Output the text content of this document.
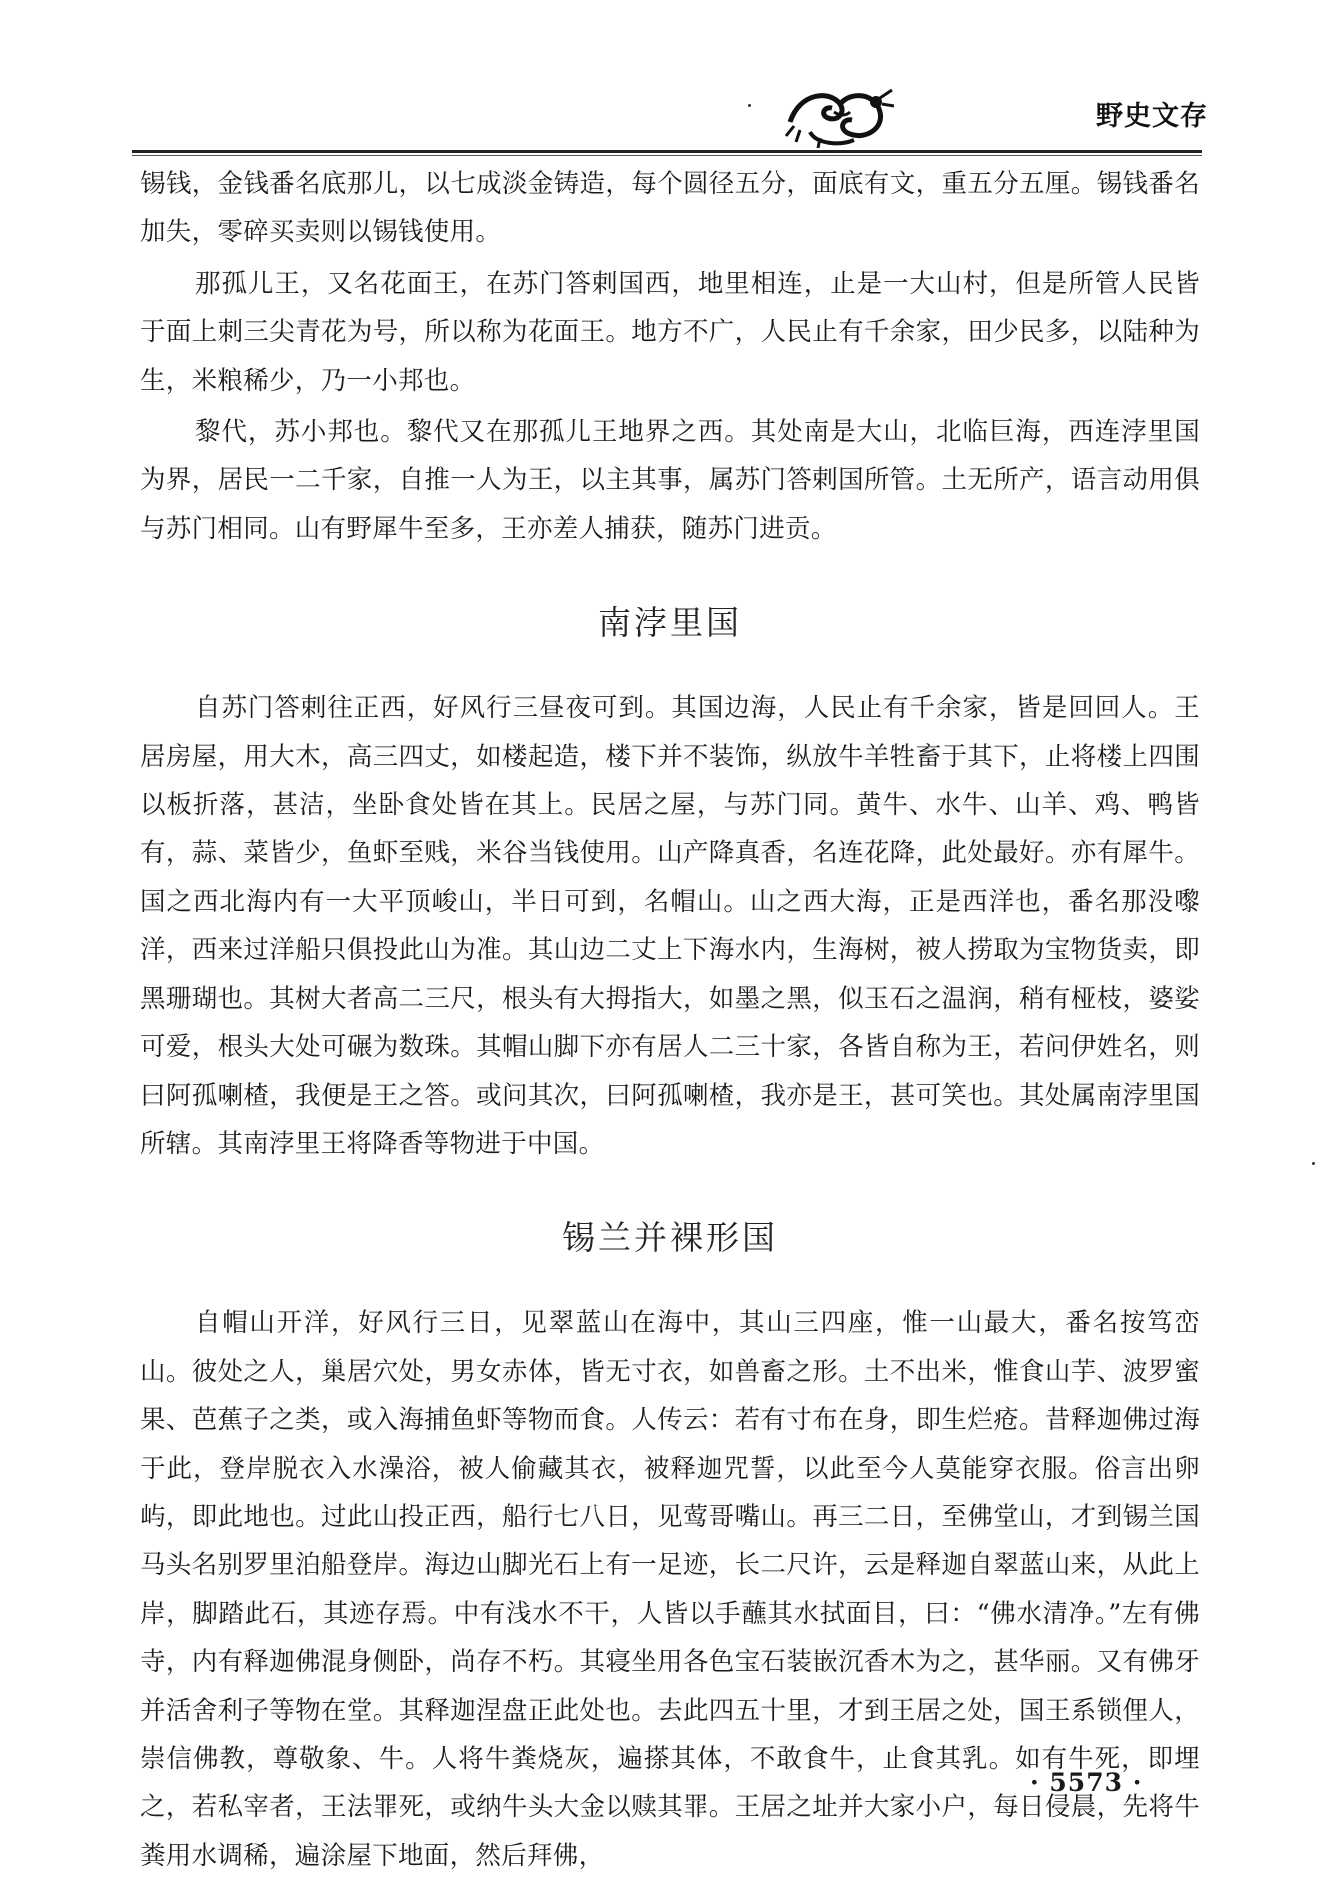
野史文存

锡钱，金钱番名底那儿，以七成淡金铸造，每个圆径五分，面底有文，重五分五厘。锡钱番名加失，零碎买卖则以锡钱使用。

那孤儿王，又名花面王，在苏门答剌国西，地里相连，止是一大山村，但是所管人民皆于面上刺三尖青花为号，所以称为花面王。地方不广，人民止有千余家，田少民多，以陆种为生，米粮稀少，乃一小邦也。

黎代，苏小邦也。黎代又在那孤儿王地界之西。其处南是大山，北临巨海，西连浡里国为界，居民一二千家，自推一人为王，以主其事，属苏门答剌国所管。土无所产，语言动用俱与苏门相同。山有野犀牛至多，王亦差人捕获，随苏门进贡。

南浡里国

自苏门答剌往正西，好风行三昼夜可到。其国边海，人民止有千余家，皆是回回人。王居房屋，用大木，高三四丈，如楼起造，楼下并不装饰，纵放牛羊牲畜于其下，止将楼上四围以板折落，甚洁，坐卧食处皆在其上。民居之屋，与苏门同。黄牛、水牛、山羊、鸡、鸭皆有，蒜、菜皆少，鱼虾至贱，米谷当钱使用。山产降真香，名连花降，此处最好。亦有犀牛。国之西北海内有一大平顶峻山，半日可到，名帽山。山之西大海，正是西洋也，番名那没嚟洋，西来过洋船只俱投此山为准。其山边二丈上下海水内，生海树，被人捞取为宝物货卖，即黑珊瑚也。其树大者高二三尺，根头有大拇指大，如墨之黑，似玉石之温润，稍有桠枝，婆娑可爱，根头大处可碾为数珠。其帽山脚下亦有居人二三十家，各皆自称为王，若问伊姓名，则曰阿孤喇楂，我便是王之答。或问其次，曰阿孤喇楂，我亦是王，甚可笑也。其处属南浡里国所辖。其南浡里王将降香等物进于中国。

锡兰并裸形国

自帽山开洋，好风行三日，见翠蓝山在海中，其山三四座，惟一山最大，番名按笃峦山。彼处之人，巢居穴处，男女赤体，皆无寸衣，如兽畜之形。土不出米，惟食山芋、波罗蜜果、芭蕉子之类，或入海捕鱼虾等物而食。人传云：若有寸布在身，即生烂疮。昔释迦佛过海于此，登岸脱衣入水澡浴，被人偷藏其衣，被释迦咒誓，以此至今人莫能穿衣服。俗言出卵屿，即此地也。过此山投正西，船行七八日，见莺哥嘴山。再三二日，至佛堂山，才到锡兰国马头名别罗里泊船登岸。海边山脚光石上有一足迹，长二尺许，云是释迦自翠蓝山来，从此上岸，脚踏此石，其迹存焉。中有浅水不干，人皆以手蘸其水拭面目，曰：“佛水清净。”左有佛寺，内有释迦佛混身侧卧，尚存不朽。其寝坐用各色宝石装嵌沉香木为之，甚华丽。又有佛牙并活舍利子等物在堂。其释迦涅盘正此处也。去此四五十里，才到王居之处，国王系锁俚人，崇信佛教，尊敬象、牛。人将牛粪烧灰，遍搽其体，不敢食牛，止食其乳。如有牛死，即埋之，若私宰者，王法罪死，或纳牛头大金以赎其罪。王居之址并大家小户，每日侵晨，先将牛粪用水调稀，遍涂屋下地面，然后拜佛，

· 5573 ·
